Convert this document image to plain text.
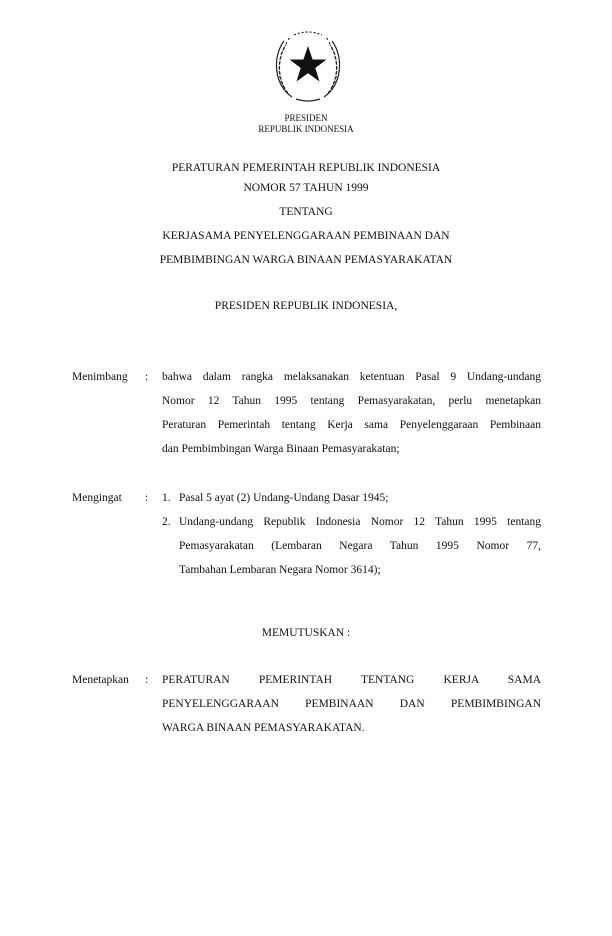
PRESIDEN
REPUBLIK INDONESIA
PERATURAN PEMERINTAH REPUBLIK INDONESIA
NOMOR 57 TAHUN 1999
TENTANG
KERJASAMA PENYELENGGARAAN PEMBINAAN DAN
PEMBIMBINGAN WARGA BINAAN PEMASYARAKATAN
PRESIDEN REPUBLIK INDONESIA,
Menimbang : bahwa dalam rangka melaksanakan ketentuan Pasal 9 Undang-undang
Nomor 12 Tahun 1995 tentang Pemasyarakatan, perlu menetapkan
Peraturan Pemerintah tentang Kerja sama Penyelenggaraan Pembinaan
dan Pembimbingan Warga Binaan Pemasyarakatan;
Mengingat : 1. Pasal 5 ayat (2) Undang-Undang Dasar 1945;
2. Undang-undang Republik Indonesia Nomor 12 Tahun 1995 tentang
Pemasyarakatan (Lembaran Negara Tahun 1995 Nomor 77,
Tambahan Lembaran Negara Nomor 3614);
MEMUTUSKAN :
Menetapkan : PERATURAN PEMERINTAH TENTANG KERJA SAMA
PENYELENGGARAAN PEMBINAAN DAN PEMBIMBINGAN
WARGA BINAAN PEMASYARAKATAN.
